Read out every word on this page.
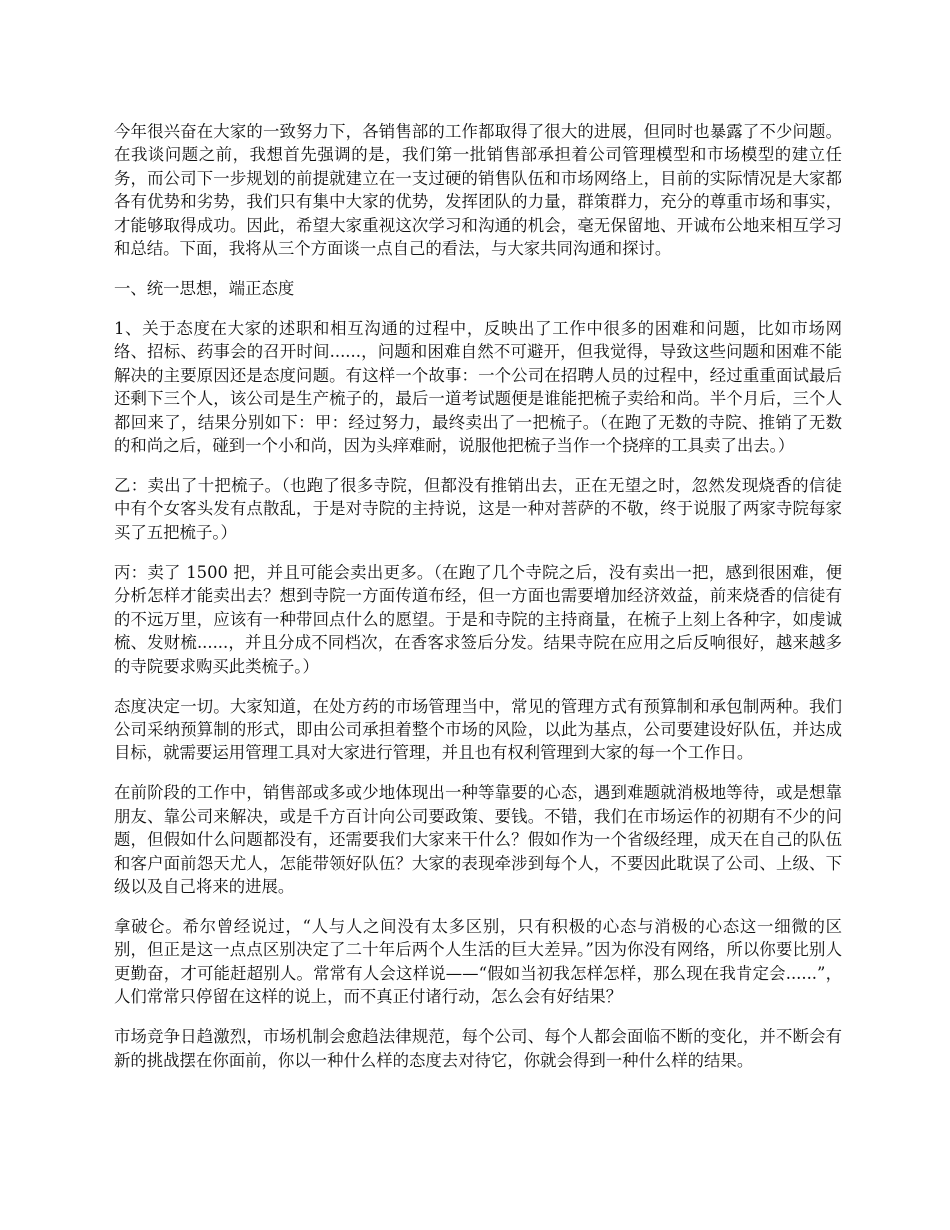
今年很兴奋在大家的一致努力下，各销售部的工作都取得了很大的进展，但同时也暴露了不少问题。在我谈问题之前，我想首先强调的是，我们第一批销售部承担着公司管理模型和市场模型的建立任务，而公司下一步规划的前提就建立在一支过硬的销售队伍和市场网络上，目前的实际情况是大家都各有优势和劣势，我们只有集中大家的优势，发挥团队的力量，群策群力，充分的尊重市场和事实，才能够取得成功。因此，希望大家重视这次学习和沟通的机会，毫无保留地、开诚布公地来相互学习和总结。下面，我将从三个方面谈一点自己的看法，与大家共同沟通和探讨。

一、统一思想，端正态度

1、关于态度在大家的述职和相互沟通的过程中，反映出了工作中很多的困难和问题，比如市场网络、招标、药事会的召开时间......，问题和困难自然不可避开，但我觉得，导致这些问题和困难不能解决的主要原因还是态度问题。有这样一个故事：一个公司在招聘人员的过程中，经过重重面试最后还剩下三个人，该公司是生产梳子的，最后一道考试题便是谁能把梳子卖给和尚。半个月后，三个人都回来了，结果分别如下：甲：经过努力，最终卖出了一把梳子。（在跑了无数的寺院、推销了无数的和尚之后，碰到一个小和尚，因为头痒难耐，说服他把梳子当作一个挠痒的工具卖了出去。）

乙：卖出了十把梳子。（也跑了很多寺院，但都没有推销出去，正在无望之时，忽然发现烧香的信徒中有个女客头发有点散乱，于是对寺院的主持说，这是一种对菩萨的不敬，终于说服了两家寺院每家买了五把梳子。）

丙：卖了 1500 把，并且可能会卖出更多。（在跑了几个寺院之后，没有卖出一把，感到很困难，便分析怎样才能卖出去？想到寺院一方面传道布经，但一方面也需要增加经济效益，前来烧香的信徒有的不远万里，应该有一种带回点什么的愿望。于是和寺院的主持商量，在梳子上刻上各种字，如虔诚梳、发财梳......，并且分成不同档次，在香客求签后分发。结果寺院在应用之后反响很好，越来越多的寺院要求购买此类梳子。）

态度决定一切。大家知道，在处方药的市场管理当中，常见的管理方式有预算制和承包制两种。我们公司采纳预算制的形式，即由公司承担着整个市场的风险，以此为基点，公司要建设好队伍，并达成目标，就需要运用管理工具对大家进行管理，并且也有权利管理到大家的每一个工作日。

在前阶段的工作中，销售部或多或少地体现出一种等靠要的心态，遇到难题就消极地等待，或是想靠朋友、靠公司来解决，或是千方百计向公司要政策、要钱。不错，我们在市场运作的初期有不少的问题，但假如什么问题都没有，还需要我们大家来干什么？假如作为一个省级经理，成天在自己的队伍和客户面前怨天尤人，怎能带领好队伍？大家的表现牵涉到每个人，不要因此耽误了公司、上级、下级以及自己将来的进展。

拿破仑。希尔曾经说过，“人与人之间没有太多区别，只有积极的心态与消极的心态这一细微的区别，但正是这一点点区别决定了二十年后两个人生活的巨大差异。”因为你没有网络，所以你要比别人更勤奋，才可能赶超别人。常常有人会这样说——“假如当初我怎样怎样，那么现在我肯定会......”，人们常常只停留在这样的说上，而不真正付诸行动，怎么会有好结果？

市场竞争日趋激烈，市场机制会愈趋法律规范，每个公司、每个人都会面临不断的变化，并不断会有新的挑战摆在你面前，你以一种什么样的态度去对待它，你就会得到一种什么样的结果。
